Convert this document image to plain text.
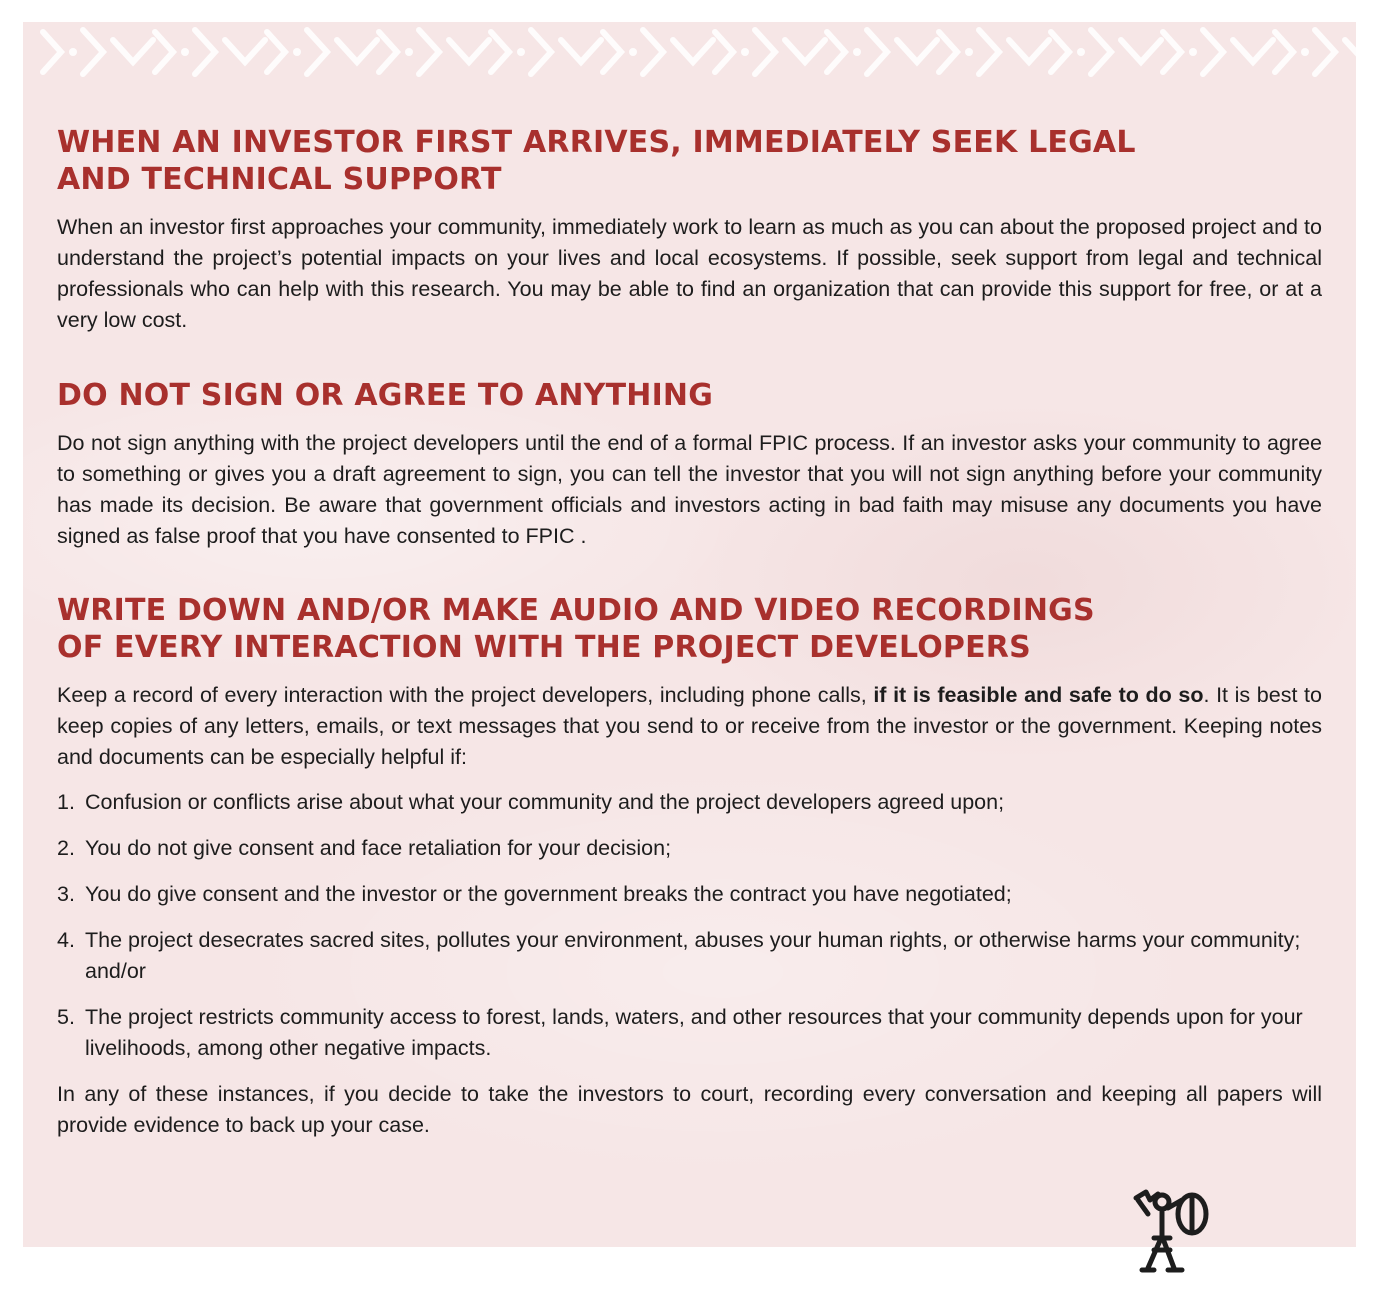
WHEN AN INVESTOR FIRST ARRIVES, IMMEDIATELY SEEK LEGAL
AND TECHNICAL SUPPORT

When an investor first approaches your community, immediately work to learn as much as you can about the proposed project and to understand the project’s potential impacts on your lives and local ecosystems. If possible, seek support from legal and technical professionals who can help with this research. You may be able to find an organization that can provide this support for free, or at a very low cost.

DO NOT SIGN OR AGREE TO ANYTHING

Do not sign anything with the project developers until the end of a formal FPIC process. If an investor asks your community to agree to something or gives you a draft agreement to sign, you can tell the investor that you will not sign anything before your community has made its decision. Be aware that government officials and investors acting in bad faith may misuse any documents you have signed as false proof that you have consented to FPIC .

WRITE DOWN AND/OR MAKE AUDIO AND VIDEO RECORDINGS
OF EVERY INTERACTION WITH THE PROJECT DEVELOPERS

Keep a record of every interaction with the project developers, including phone calls, if it is feasible and safe to do so. It is best to keep copies of any letters, emails, or text messages that you send to or receive from the investor or the government. Keeping notes and documents can be especially helpful if:

1. Confusion or conflicts arise about what your community and the project developers agreed upon;
2. You do not give consent and face retaliation for your decision;
3. You do give consent and the investor or the government breaks the contract you have negotiated;
4. The project desecrates sacred sites, pollutes your environment, abuses your human rights, or otherwise harms your community; and/or
5. The project restricts community access to forest, lands, waters, and other resources that your community depends upon for your livelihoods, among other negative impacts.

In any of these instances, if you decide to take the investors to court, recording every conversation and keeping all papers will provide evidence to back up your case.
